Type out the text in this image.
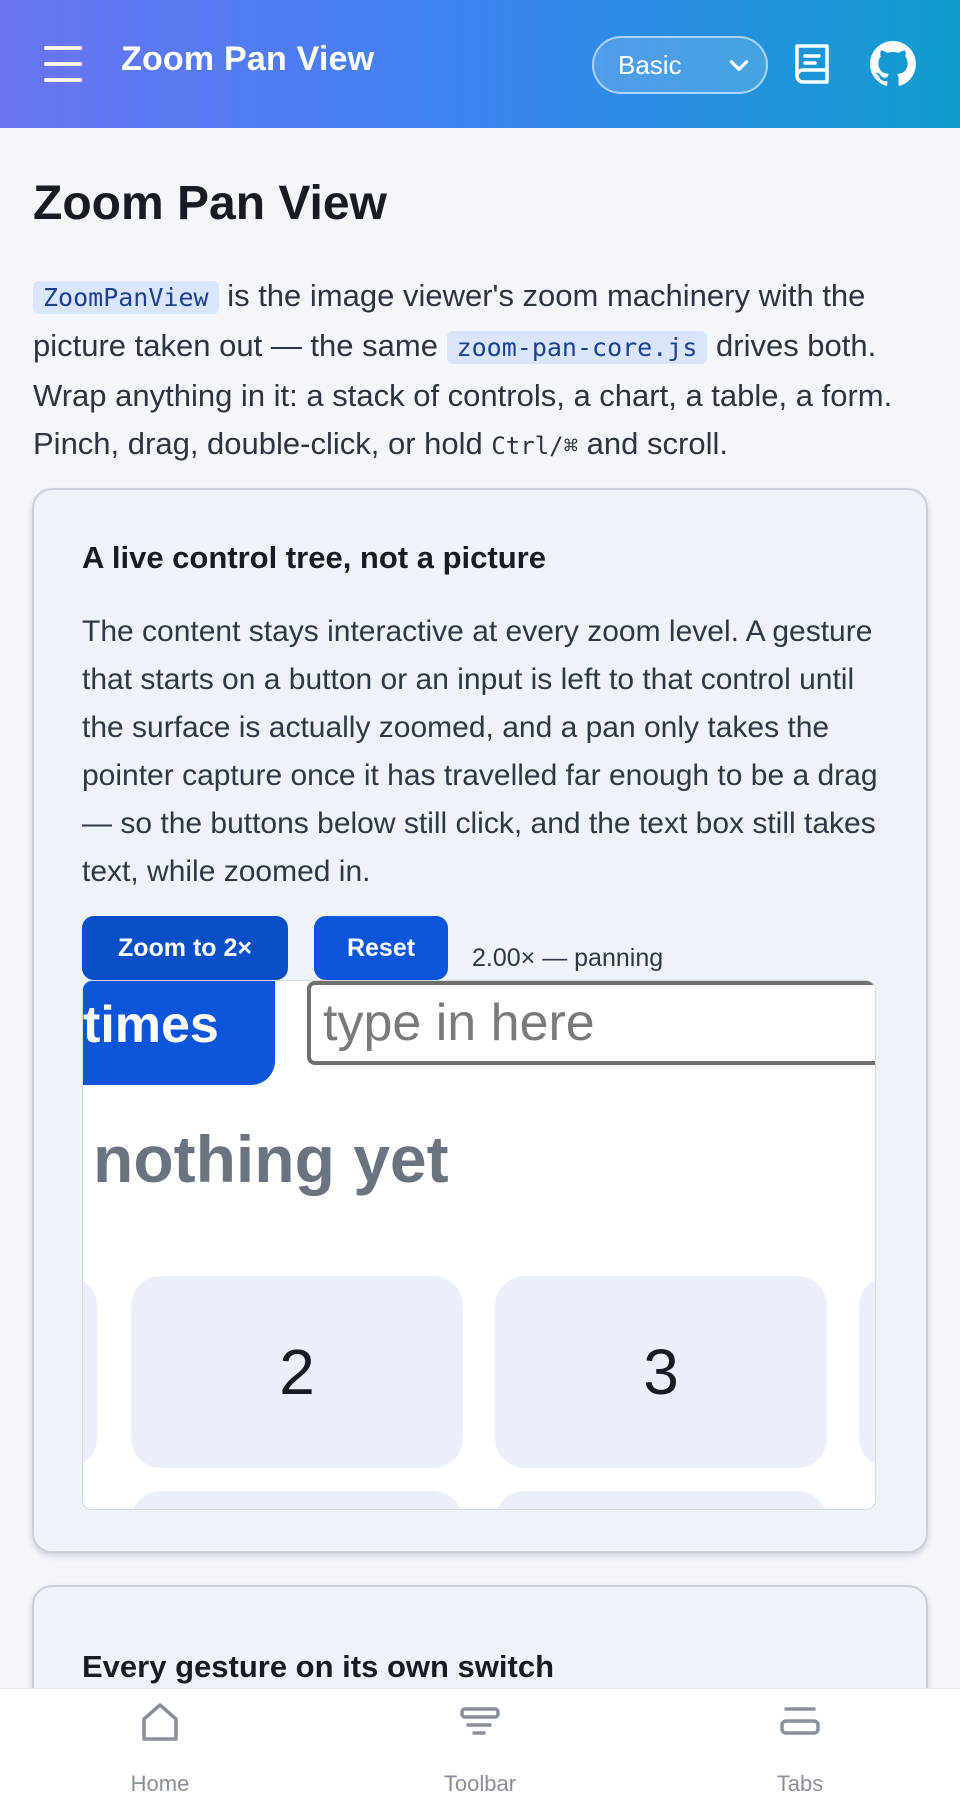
Zoom Pan View	Basic
Zoom Pan View

ZoomPanView is the image viewer's zoom machinery with the picture taken out — the same zoom-pan-core.js drives both. Wrap anything in it: a stack of controls, a chart, a table, a form. Pinch, drag, double-click, or hold Ctrl/⌘ and scroll.

A live control tree, not a picture

The content stays interactive at every zoom level. A gesture that starts on a button or an input is left to that control until the surface is actually zoomed, and a pan only takes the pointer capture once it has travelled far enough to be a drag — so the buttons below still click, and the text box still takes text, while zoomed in.

Zoom to 2×	Reset	2.00× — panning
times	type in here
nothing yet
2	3
Every gesture on its own switch
Home	Toolbar	Tabs
